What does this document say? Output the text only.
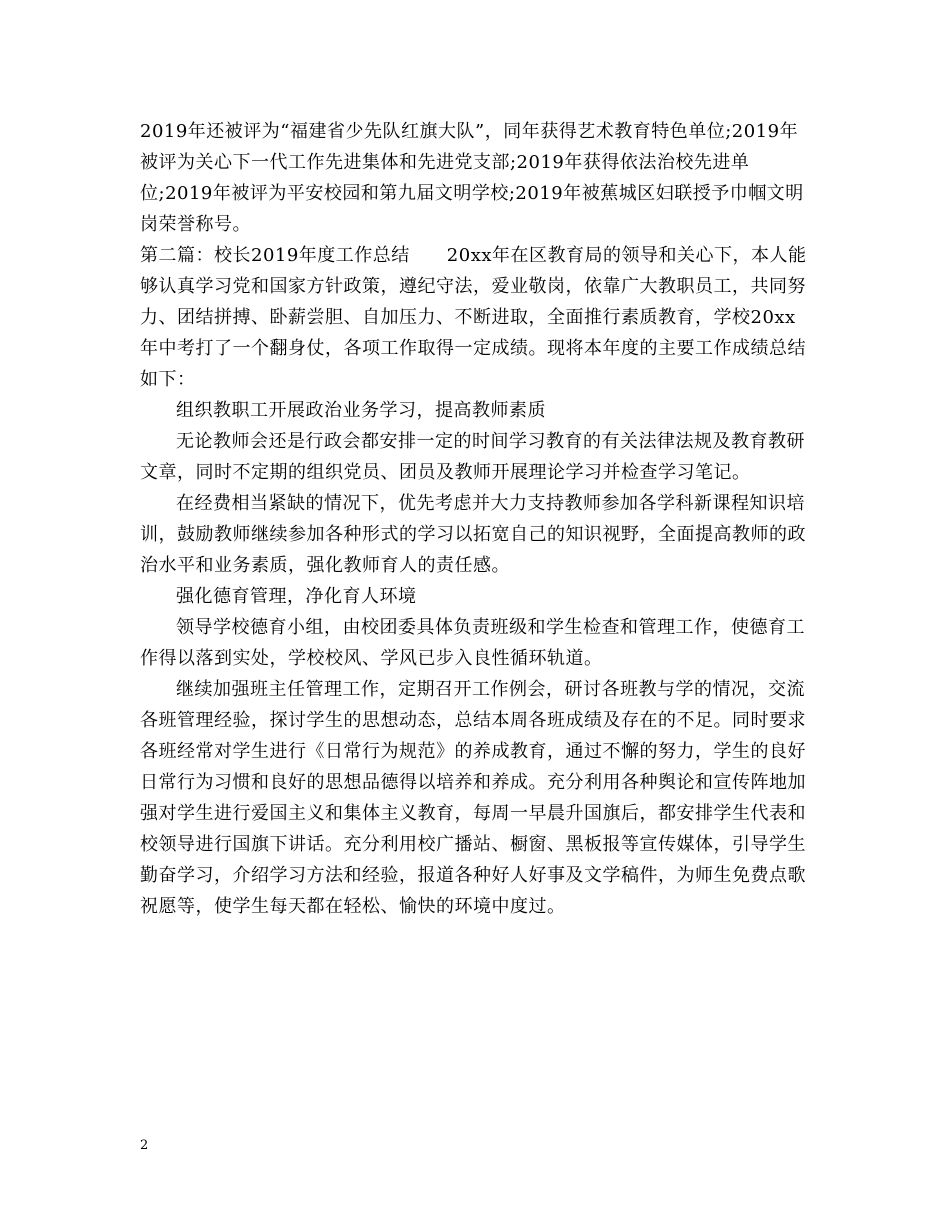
2019年还被评为“福建省少先队红旗大队”，同年获得艺术教育特色单位;2019年
被评为关心下一代工作先进集体和先进党支部;2019年获得依法治校先进单
位;2019年被评为平安校园和第九届文明学校;2019年被蕉城区妇联授予巾帼文明
岗荣誉称号。
第二篇：校长2019年度工作总结　　20xx年在区教育局的领导和关心下，本人能
够认真学习党和国家方针政策，遵纪守法，爱业敬岗，依靠广大教职员工，共同努
力、团结拼搏、卧薪尝胆、自加压力、不断进取，全面推行素质教育，学校20xx
年中考打了一个翻身仗，各项工作取得一定成绩。现将本年度的主要工作成绩总结
如下：
组织教职工开展政治业务学习，提高教师素质
无论教师会还是行政会都安排一定的时间学习教育的有关法律法规及教育教研
文章，同时不定期的组织党员、团员及教师开展理论学习并检查学习笔记。
在经费相当紧缺的情况下，优先考虑并大力支持教师参加各学科新课程知识培
训，鼓励教师继续参加各种形式的学习以拓宽自己的知识视野，全面提高教师的政
治水平和业务素质，强化教师育人的责任感。
强化德育管理，净化育人环境
领导学校德育小组，由校团委具体负责班级和学生检查和管理工作，使德育工
作得以落到实处，学校校风、学风已步入良性循环轨道。
继续加强班主任管理工作，定期召开工作例会，研讨各班教与学的情况，交流
各班管理经验，探讨学生的思想动态，总结本周各班成绩及存在的不足。同时要求
各班经常对学生进行《日常行为规范》的养成教育，通过不懈的努力，学生的良好
日常行为习惯和良好的思想品德得以培养和养成。充分利用各种舆论和宣传阵地加
强对学生进行爱国主义和集体主义教育，每周一早晨升国旗后，都安排学生代表和
校领导进行国旗下讲话。充分利用校广播站、橱窗、黑板报等宣传媒体，引导学生
勤奋学习，介绍学习方法和经验，报道各种好人好事及文学稿件，为师生免费点歌
祝愿等，使学生每天都在轻松、愉快的环境中度过。
2
